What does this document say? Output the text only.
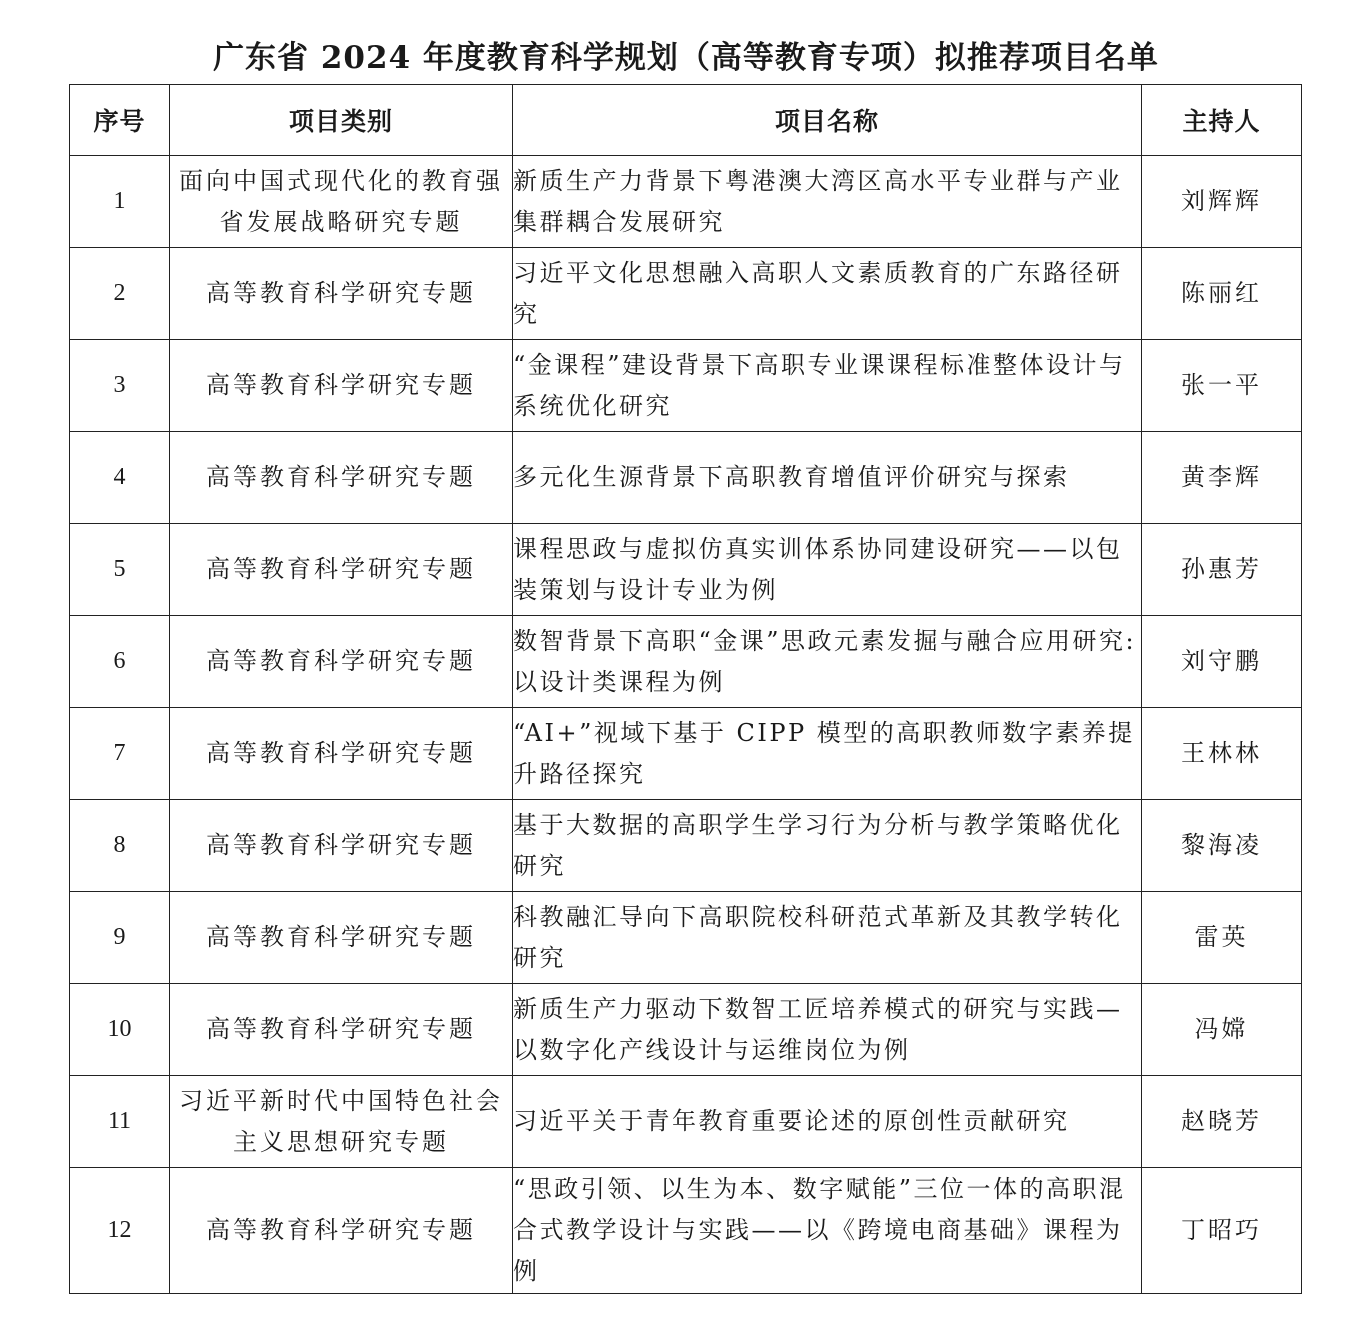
广东省 2024 年度教育科学规划（高等教育专项）拟推荐项目名单
序号	项目类别	项目名称	主持人
1	面向中国式现代化的教育强省发展战略研究专题	新质生产力背景下粤港澳大湾区高水平专业群与产业集群耦合发展研究	刘辉辉
2	高等教育科学研究专题	习近平文化思想融入高职人文素质教育的广东路径研究	陈丽红
3	高等教育科学研究专题	“金课程”建设背景下高职专业课课程标准整体设计与系统优化研究	张一平
4	高等教育科学研究专题	多元化生源背景下高职教育增值评价研究与探索	黄李辉
5	高等教育科学研究专题	课程思政与虚拟仿真实训体系协同建设研究——以包装策划与设计专业为例	孙惠芳
6	高等教育科学研究专题	数智背景下高职“金课”思政元素发掘与融合应用研究:以设计类课程为例	刘守鹏
7	高等教育科学研究专题	“AI+”视域下基于 CIPP 模型的高职教师数字素养提升路径探究	王林林
8	高等教育科学研究专题	基于大数据的高职学生学习行为分析与教学策略优化研究	黎海凌
9	高等教育科学研究专题	科教融汇导向下高职院校科研范式革新及其教学转化研究	雷英
10	高等教育科学研究专题	新质生产力驱动下数智工匠培养模式的研究与实践—以数字化产线设计与运维岗位为例	冯嫦
11	习近平新时代中国特色社会主义思想研究专题	习近平关于青年教育重要论述的原创性贡献研究	赵晓芳
12	高等教育科学研究专题	“思政引领、以生为本、数字赋能”三位一体的高职混合式教学设计与实践——以《跨境电商基础》课程为例	丁昭巧
